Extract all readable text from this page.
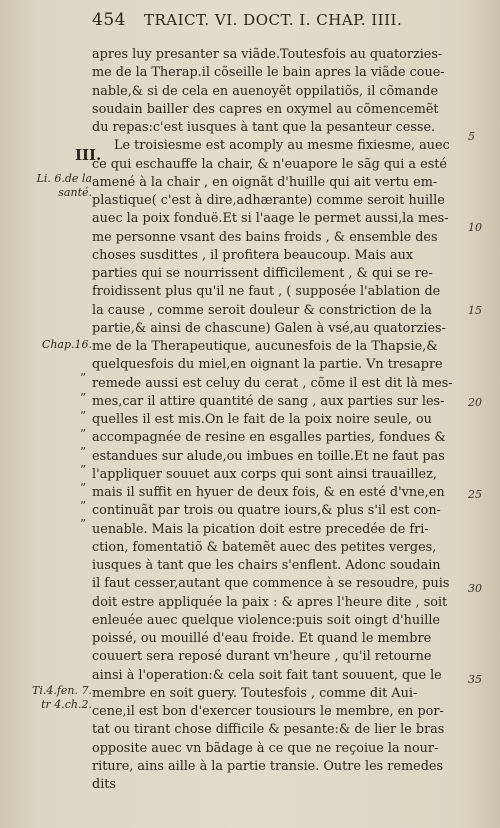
454 TRAICT. VI. DOCT. I. CHAP. IIII.
III.
Li. 6.de la santé.
Chap.16.
Ti.4.fen. 7. tr 4.ch.2.
5
10
15
20
25
30
35
”
”
”
”
”
”
”
”
”
apres luy presanter sa viãde.Toutesfois au quatorzies-
me de la Therap.il cõseille le bain apres la viãde coue-
nable,& si de cela en auenoyẽt oppilatiõs, il cõmande
soudain bailler des capres en oxymel au cõmencemẽt
du repas:c'est iusques à tant que la pesanteur cesse.
Le troisiesme est acomply au mesme fixiesme, auec
ce qui eschauffe la chair, & n'euapore le sãg qui a esté
amené à la chair , en oignãt d'huille qui ait vertu em-
plastique( c'est à dire,adhærante) comme seroit huille
auec la poix fonduë.Et si l'aage le permet aussi,la mes-
me personne vsant des bains froids , & ensemble des
choses susdittes , il profitera beaucoup. Mais aux
parties qui se nourrissent difficilement , & qui se re-
froidissent plus qu'il ne faut , ( supposée l'ablation de
la cause , comme seroit douleur & constriction de la
partie,& ainsi de chascune) Galen à vsé,au quatorzies-
me de la Therapeutique, aucunesfois de la Thapsie,&
quelquesfois du miel,en oignant la partie. Vn tresapre
remede aussi est celuy du cerat , cõme il est dit là mes-
mes,car il attire quantité de sang , aux parties sur les-
quelles il est mis.On le fait de la poix noire seule, ou
accompagnée de resine en esgalles parties, fondues &
estandues sur alude,ou imbues en toille.Et ne faut pas
l'appliquer souuet aux corps qui sont ainsi trauaillez,
mais il suffit en hyuer de deux fois, & en esté d'vne,en
continuãt par trois ou quatre iours,& plus s'il est con-
uenable. Mais la pication doit estre precedée de fri-
ction, fomentatiõ & batemẽt auec des petites verges,
iusques à tant que les chairs s'enflent. Adonc soudain
il faut cesser,autant que commence à se resoudre, puis
doit estre appliquée la paix : & apres l'heure dite , soit
enleuée auec quelque violence:puis soit oingt d'huille
poissé, ou mouillé d'eau froide. Et quand le membre
couuert sera reposé durant vn'heure , qu'il retourne
ainsi à l'operation:& cela soit fait tant souuent, que le
membre en soit guery. Toutesfois , comme dit Aui-
cene,il est bon d'exercer tousiours le membre, en por-
tat ou tirant chose difficile & pesante:& de lier le bras
opposite auec vn bãdage à ce que ne reçoiue la nour-
riture, ains aille à la partie transie. Outre les remedes
dits
